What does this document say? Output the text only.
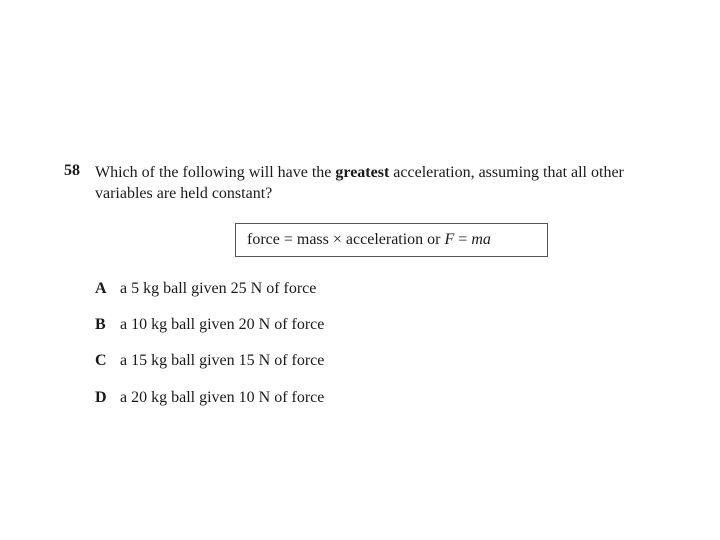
58 Which of the following will have the greatest acceleration, assuming that all other variables are held constant?
force = mass × acceleration or F = ma
A a 5 kg ball given 25 N of force
B a 10 kg ball given 20 N of force
C a 15 kg ball given 15 N of force
D a 20 kg ball given 10 N of force
